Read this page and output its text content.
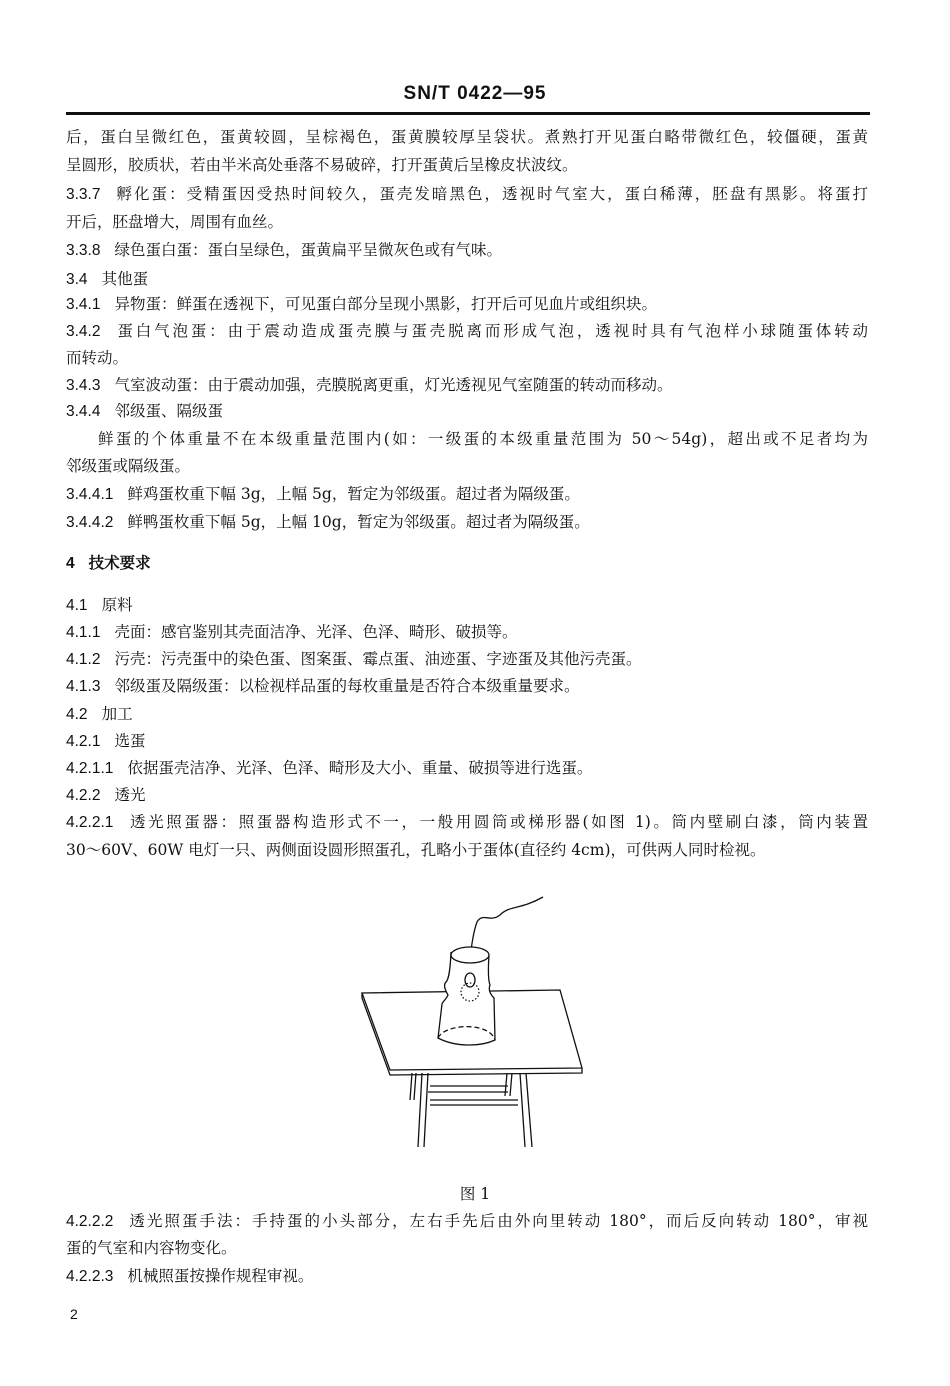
SN/T 0422—95
后，蛋白呈微红色，蛋黄较圆，呈棕褐色，蛋黄膜较厚呈袋状。煮熟打开见蛋白略带微红色，较僵硬，蛋黄
呈圆形，胶质状，若由半米高处垂落不易破碎，打开蛋黄后呈橡皮状波纹。
3.3.7 孵化蛋：受精蛋因受热时间较久，蛋壳发暗黑色，透视时气室大，蛋白稀薄，胚盘有黑影。将蛋打
开后，胚盘增大，周围有血丝。
3.3.8 绿色蛋白蛋：蛋白呈绿色，蛋黄扁平呈微灰色或有气味。
3.4 其他蛋
3.4.1 异物蛋：鲜蛋在透视下，可见蛋白部分呈现小黑影，打开后可见血片或组织块。
3.4.2 蛋白气泡蛋：由于震动造成蛋壳膜与蛋壳脱离而形成气泡，透视时具有气泡样小球随蛋体转动
而转动。
3.4.3 气室波动蛋：由于震动加强，壳膜脱离更重，灯光透视见气室随蛋的转动而移动。
3.4.4 邻级蛋、隔级蛋
鲜蛋的个体重量不在本级重量范围内(如：一级蛋的本级重量范围为 50～54g)，超出或不足者均为
邻级蛋或隔级蛋。
3.4.4.1 鲜鸡蛋枚重下幅 3g，上幅 5g，暂定为邻级蛋。超过者为隔级蛋。
3.4.4.2 鲜鸭蛋枚重下幅 5g，上幅 10g，暂定为邻级蛋。超过者为隔级蛋。
4 技术要求
4.1 原料
4.1.1 壳面：感官鉴别其壳面洁净、光泽、色泽、畸形、破损等。
4.1.2 污壳：污壳蛋中的染色蛋、图案蛋、霉点蛋、油迹蛋、字迹蛋及其他污壳蛋。
4.1.3 邻级蛋及隔级蛋：以检视样品蛋的每枚重量是否符合本级重量要求。
4.2 加工
4.2.1 选蛋
4.2.1.1 依据蛋壳洁净、光泽、色泽、畸形及大小、重量、破损等进行选蛋。
4.2.2 透光
4.2.2.1 透光照蛋器：照蛋器构造形式不一，一般用圆筒或梯形器(如图 1)。筒内壁刷白漆，筒内装置
30～60V、60W 电灯一只、两侧面设圆形照蛋孔，孔略小于蛋体(直径约 4cm)，可供两人同时检视。
4.2.2.2 透光照蛋手法：手持蛋的小头部分，左右手先后由外向里转动 180°，而后反向转动 180°，审视
蛋的气室和内容物变化。
4.2.2.3 机械照蛋按操作规程审视。
图 1
2
